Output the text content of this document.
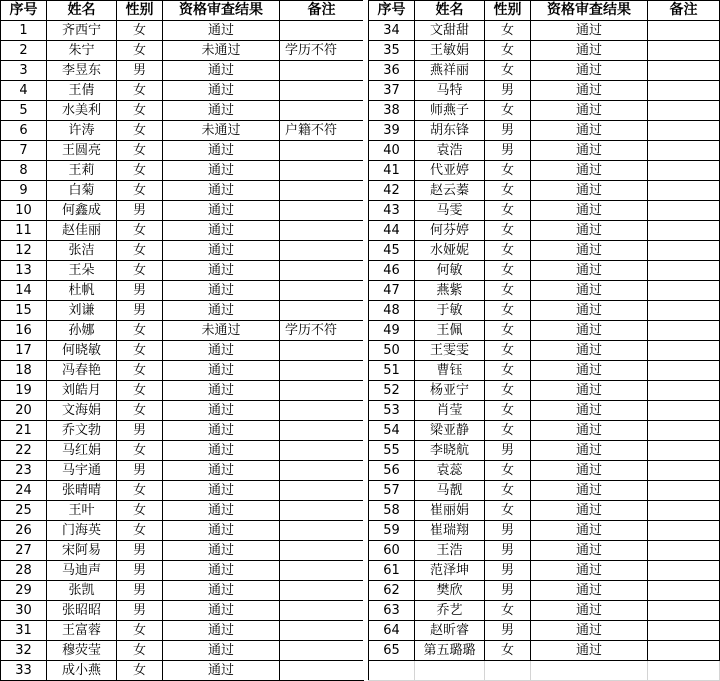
序号	姓名	性别	资格审查结果	备注
1	齐西宁	女	通过	
2	朱宁	女	未通过	学历不符
3	李昱东	男	通过	
4	王倩	女	通过	
5	水美利	女	通过	
6	许涛	女	未通过	户籍不符
7	王圆亮	女	通过	
8	王莉	女	通过	
9	白菊	女	通过	
10	何鑫成	男	通过	
11	赵佳丽	女	通过	
12	张洁	女	通过	
13	王朵	女	通过	
14	杜帆	男	通过	
15	刘谦	男	通过	
16	孙娜	女	未通过	学历不符
17	何晓敏	女	通过	
18	冯春艳	女	通过	
19	刘皓月	女	通过	
20	文海娟	女	通过	
21	乔文勃	男	通过	
22	马红娟	女	通过	
23	马宇通	男	通过	
24	张晴晴	女	通过	
25	王叶	女	通过	
26	门海英	女	通过	
27	宋阿易	男	通过	
28	马迪声	男	通过	
29	张凯	男	通过	
30	张昭昭	男	通过	
31	王富蓉	女	通过	
32	穆荧莹	女	通过	
33	成小燕	女	通过	
序号	姓名	性别	资格审查结果	备注
34	文甜甜	女	通过	
35	王敏娟	女	通过	
36	燕祥丽	女	通过	
37	马特	男	通过	
38	师燕子	女	通过	
39	胡东锋	男	通过	
40	袁浩	男	通过	
41	代亚婷	女	通过	
42	赵云蓁	女	通过	
43	马雯	女	通过	
44	何芬婷	女	通过	
45	水娅妮	女	通过	
46	何敏	女	通过	
47	燕紫	女	通过	
48	于敏	女	通过	
49	王佩	女	通过	
50	王雯雯	女	通过	
51	曹钰	女	通过	
52	杨亚宁	女	通过	
53	肖莹	女	通过	
54	梁亚静	女	通过	
55	李晓航	男	通过	
56	袁蕊	女	通过	
57	马靓	女	通过	
58	崔丽娟	女	通过	
59	崔瑞翔	男	通过	
60	王浩	男	通过	
61	范泽坤	男	通过	
62	樊欣	男	通过	
63	乔艺	女	通过	
64	赵昕睿	男	通过	
65	第五璐璐	女	通过	
